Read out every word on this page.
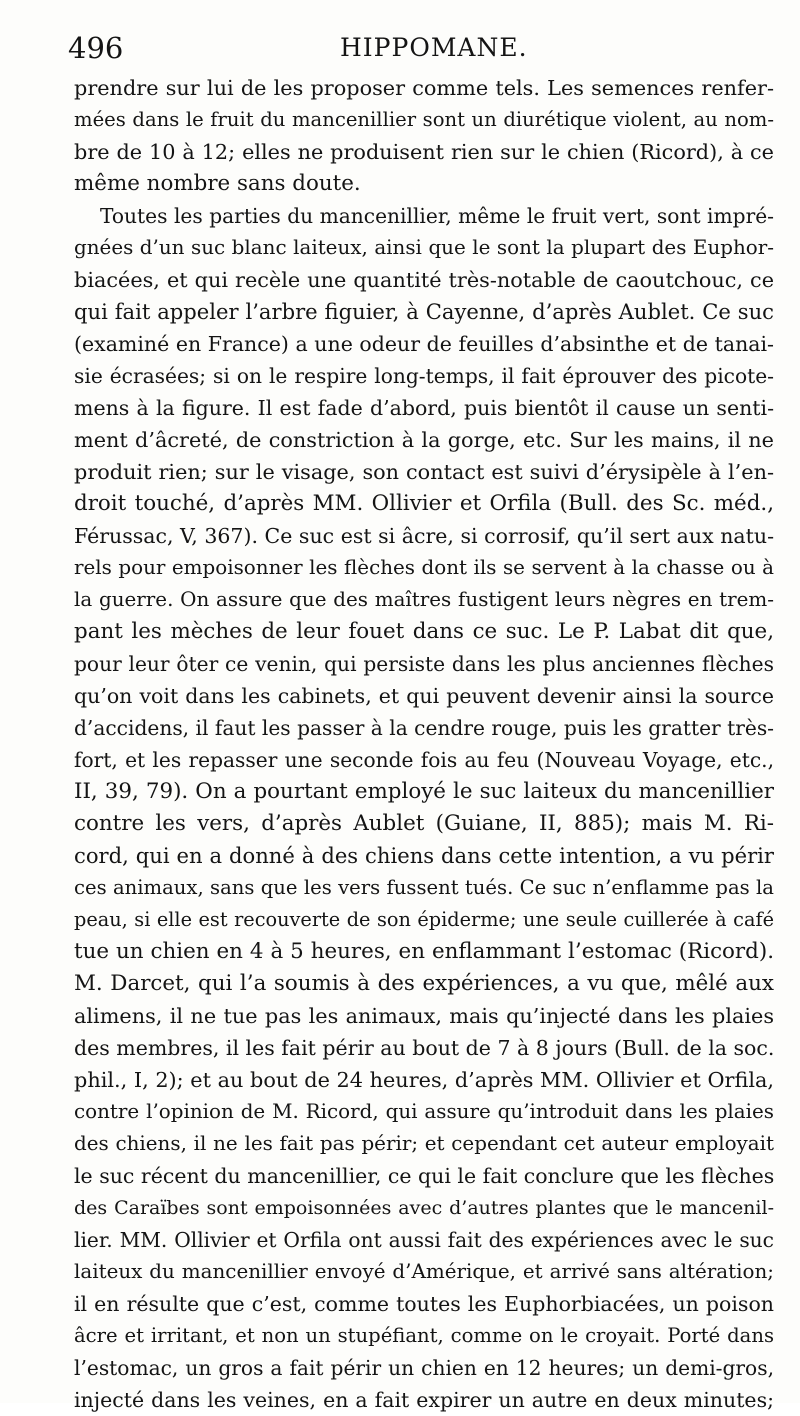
496	HIPPOMANE.
prendre sur lui de les proposer comme tels. Les semences renfer-
mées dans le fruit du mancenillier sont un diurétique violent, au nom-
bre de 10 à 12; elles ne produisent rien sur le chien (Ricord), à ce
même nombre sans doute.
Toutes les parties du mancenillier, même le fruit vert, sont impré-
gnées d’un suc blanc laiteux, ainsi que le sont la plupart des Euphor-
biacées, et qui recèle une quantité très-notable de caoutchouc, ce
qui fait appeler l’arbre figuier, à Cayenne, d’après Aublet. Ce suc
(examiné en France) a une odeur de feuilles d’absinthe et de tanai-
sie écrasées; si on le respire long-temps, il fait éprouver des picote-
mens à la figure. Il est fade d’abord, puis bientôt il cause un senti-
ment d’âcreté, de constriction à la gorge, etc. Sur les mains, il ne
produit rien; sur le visage, son contact est suivi d’érysipèle à l’en-
droit touché, d’après MM. Ollivier et Orfila (Bull. des Sc. méd.,
Férussac, V, 367). Ce suc est si âcre, si corrosif, qu’il sert aux natu-
rels pour empoisonner les flèches dont ils se servent à la chasse ou à
la guerre. On assure que des maîtres fustigent leurs nègres en trem-
pant les mèches de leur fouet dans ce suc. Le P. Labat dit que,
pour leur ôter ce venin, qui persiste dans les plus anciennes flèches
qu’on voit dans les cabinets, et qui peuvent devenir ainsi la source
d’accidens, il faut les passer à la cendre rouge, puis les gratter très-
fort, et les repasser une seconde fois au feu (Nouveau Voyage, etc.,
II, 39, 79). On a pourtant employé le suc laiteux du mancenillier
contre les vers, d’après Aublet (Guiane, II, 885); mais M. Ri-
cord, qui en a donné à des chiens dans cette intention, a vu périr
ces animaux, sans que les vers fussent tués. Ce suc n’enflamme pas la
peau, si elle est recouverte de son épiderme; une seule cuillerée à café
tue un chien en 4 à 5 heures, en enflammant l’estomac (Ricord).
M. Darcet, qui l’a soumis à des expériences, a vu que, mêlé aux
alimens, il ne tue pas les animaux, mais qu’injecté dans les plaies
des membres, il les fait périr au bout de 7 à 8 jours (Bull. de la soc.
phil., I, 2); et au bout de 24 heures, d’après MM. Ollivier et Orfila,
contre l’opinion de M. Ricord, qui assure qu’introduit dans les plaies
des chiens, il ne les fait pas périr; et cependant cet auteur employait
le suc récent du mancenillier, ce qui le fait conclure que les flèches
des Caraïbes sont empoisonnées avec d’autres plantes que le mancenil-
lier. MM. Ollivier et Orfila ont aussi fait des expériences avec le suc
laiteux du mancenillier envoyé d’Amérique, et arrivé sans altération;
il en résulte que c’est, comme toutes les Euphorbiacées, un poison
âcre et irritant, et non un stupéfiant, comme on le croyait. Porté dans
l’estomac, un gros a fait périr un chien en 12 heures; un demi-gros,
injecté dans les veines, en a fait expirer un autre en deux minutes;
